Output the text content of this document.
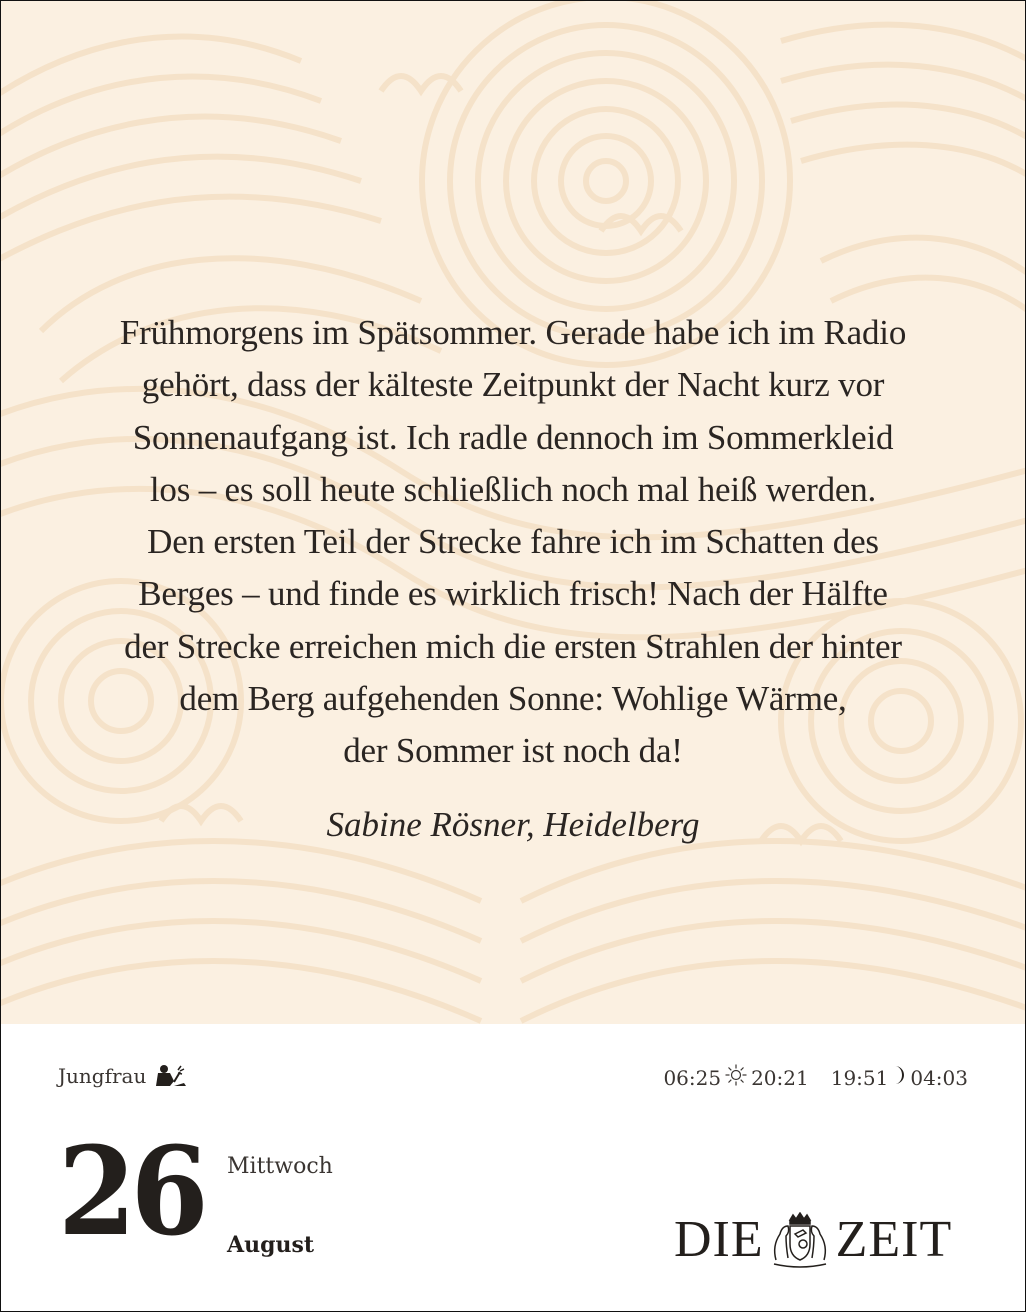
Frühmorgens im Spätsommer. Gerade habe ich im Radio
gehört, dass der kälteste Zeitpunkt der Nacht kurz vor
Sonnenaufgang ist. Ich radle dennoch im Sommerkleid
los – es soll heute schließlich noch mal heiß werden.
Den ersten Teil der Strecke fahre ich im Schatten des
Berges – und finde es wirklich frisch! Nach der Hälfte
der Strecke erreichen mich die ersten Strahlen der hinter
dem Berg aufgehenden Sonne: Wohlige Wärme,
der Sommer ist noch da!
Sabine Rösner, Heidelberg
Jungfrau	06:25 20:21 19:51 04:03
26 Mittwoch
August	DIE ZEIT
